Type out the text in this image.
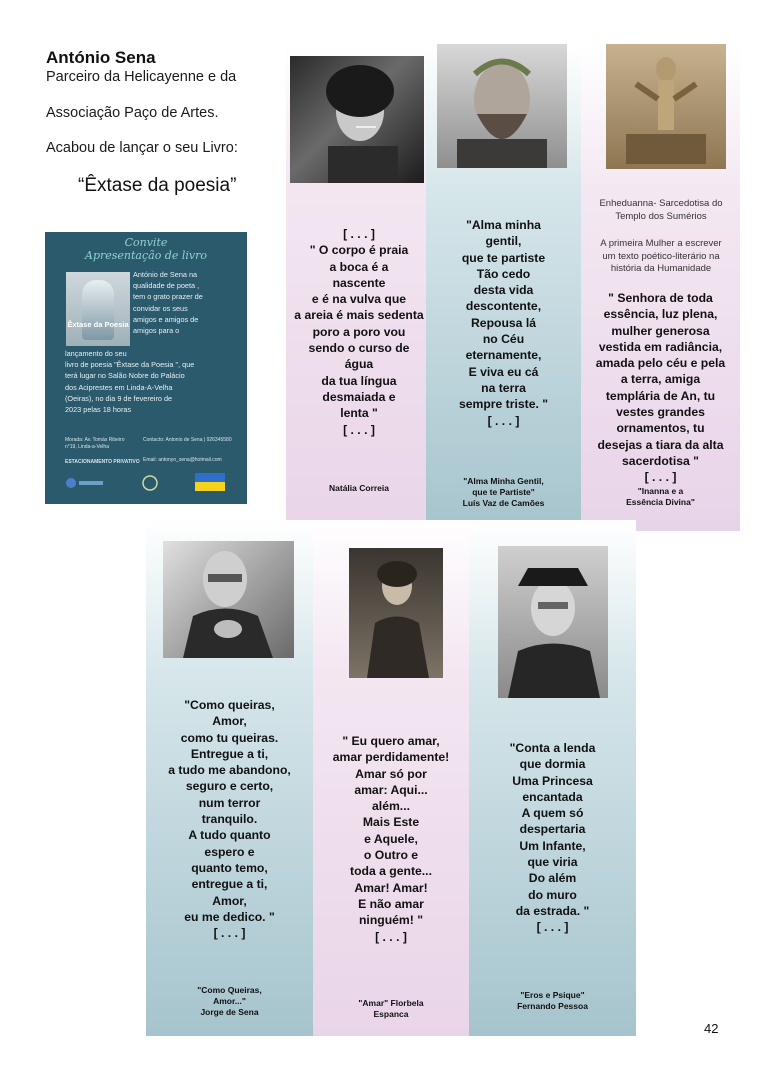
António Sena
Parceiro da Helicayenne e da
Associação Paço de Artes.
Acabou de lançar o seu Livro:
“Êxtase da poesia”
Convite
Apresentação de livro
Êxtase da Poesia
António de Sena na
qualidade de poeta ,
tem o grato prazer de
convidar os seus
amigos e amigos de
amigos para o
lançamento do seu
livro de poesia "Êxtase da Poesia ", que
terá lugar no Salão Nobre do Palácio
dos Aciprestes em Linda-A-Velha
(Oeiras), no dia 9 de fevereiro de
2023 pelas 18 horas
Morada: Av. Tomás Ribeiro n°19, Linda-a-Velha
ESTACIONAMENTO PRIVATIVO
Contacto: Antonio de Sena | 926345580
Email: antonyo_sena@hotmail.com
[ . . . ]
" O corpo é praia
a boca é a
nascente
e é na vulva que
a areia é mais sedenta
poro a poro vou
sendo o curso de
água
da tua língua
desmaiada e
lenta "
[ . . . ]
"Alma minha
gentil,
que te partiste
Tão cedo
desta vida
descontente,
Repousa lá
no Céu
eternamente,
E viva eu cá
na terra
sempre triste. "
[ . . . ]
Enheduanna- Sarcedotisa do
Templo dos Sumérios
A primeira Mulher a escrever
um texto poético-literário na
história da Humanidade
" Senhora de toda
essência, luz plena,
mulher generosa
vestida em radiância,
amada pelo céu e pela
a terra, amiga
templária de An, tu
vestes grandes
ornamentos, tu
desejas a tiara da alta
sacerdotisa "
[ . . . ]
Natália Correia
"Alma Minha Gentil,
que te Partiste"
Luís Vaz de Camões
"Inanna e a
Essência Divina"
"Como queiras,
Amor,
como tu queiras.
Entregue a ti,
a tudo me abandono,
seguro e certo,
num terror
tranquilo.
A tudo quanto
espero e
quanto temo,
entregue a ti,
Amor,
eu me dedico. "
[ . . . ]
" Eu quero amar,
amar perdidamente!
Amar só por
amar: Aqui...
além...
Mais Este
e Aquele,
o Outro e
toda a gente...
Amar! Amar!
E não amar
ninguém! "
[ . . . ]
"Conta a lenda
que dormia
Uma Princesa
encantada
A quem só
despertaria
Um Infante,
que viria
Do além
do muro
da estrada. "
[ . . . ]
"Como Queiras,
Amor..."
Jorge de Sena
"Amar" Florbela
Espanca
"Eros e Psique"
Fernando Pessoa
42
